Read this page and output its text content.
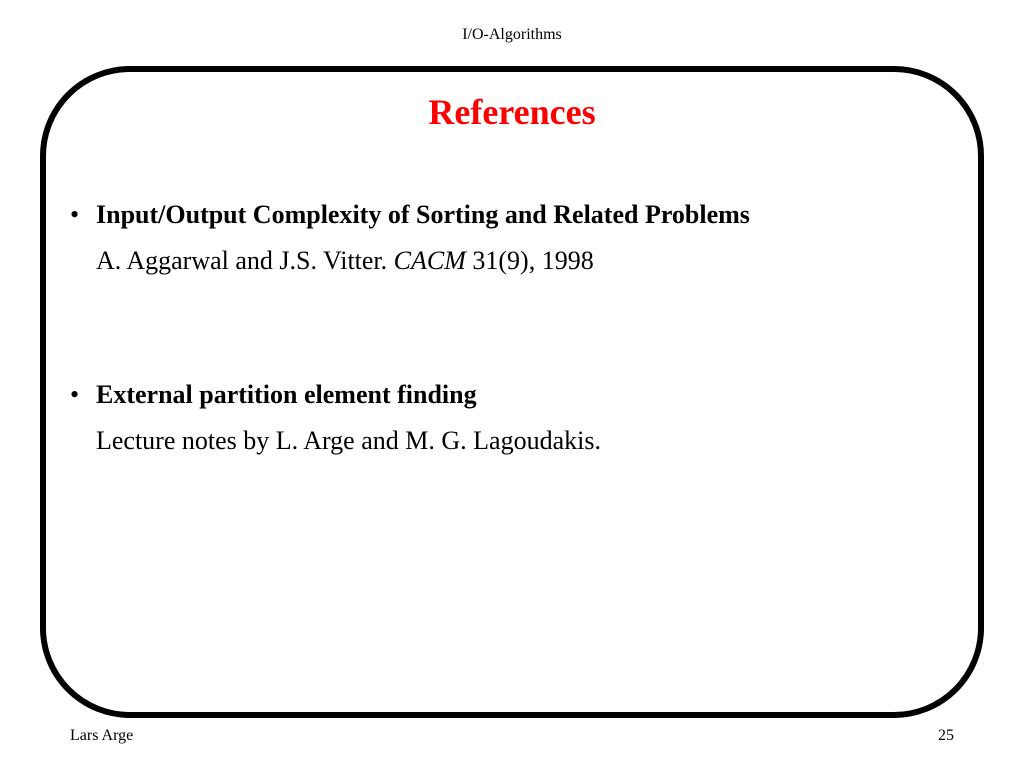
I/O-Algorithms
References
• Input/Output Complexity of Sorting and Related Problems
A. Aggarwal and J.S. Vitter. CACM 31(9), 1998
• External partition element finding
Lecture notes by L. Arge and M. G. Lagoudakis.
Lars Arge	25
